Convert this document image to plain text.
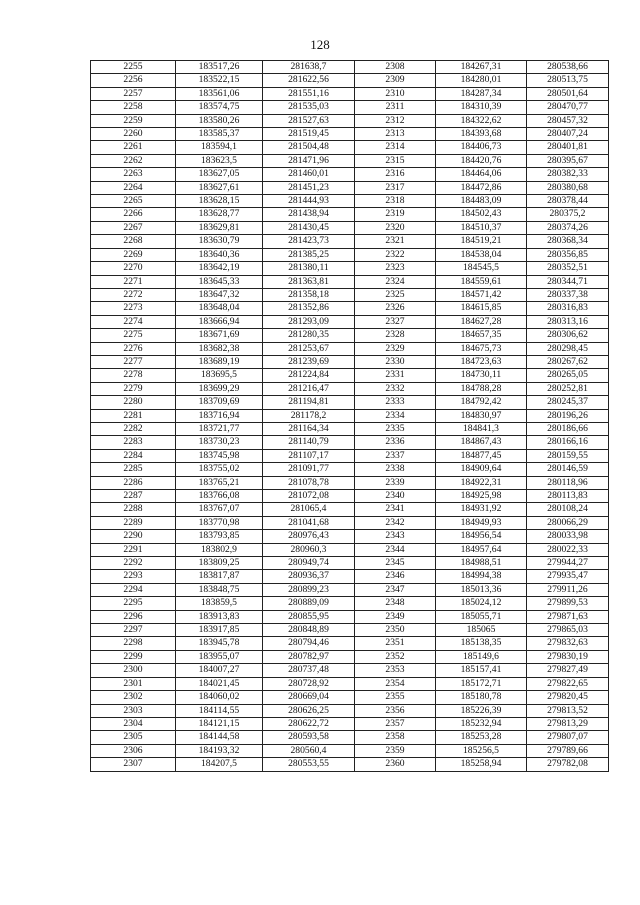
128
2255	183517,26	281638,7	2308	184267,31	280538,66
2256	183522,15	281622,56	2309	184280,01	280513,75
2257	183561,06	281551,16	2310	184287,34	280501,64
2258	183574,75	281535,03	2311	184310,39	280470,77
2259	183580,26	281527,63	2312	184322,62	280457,32
2260	183585,37	281519,45	2313	184393,68	280407,24
2261	183594,1	281504,48	2314	184406,73	280401,81
2262	183623,5	281471,96	2315	184420,76	280395,67
2263	183627,05	281460,01	2316	184464,06	280382,33
2264	183627,61	281451,23	2317	184472,86	280380,68
2265	183628,15	281444,93	2318	184483,09	280378,44
2266	183628,77	281438,94	2319	184502,43	280375,2
2267	183629,81	281430,45	2320	184510,37	280374,26
2268	183630,79	281423,73	2321	184519,21	280368,34
2269	183640,36	281385,25	2322	184538,04	280356,85
2270	183642,19	281380,11	2323	184545,5	280352,51
2271	183645,33	281363,81	2324	184559,61	280344,71
2272	183647,32	281358,18	2325	184571,42	280337,38
2273	183648,04	281352,86	2326	184615,85	280316,83
2274	183666,94	281293,09	2327	184627,28	280313,16
2275	183671,69	281280,35	2328	184657,35	280306,62
2276	183682,38	281253,67	2329	184675,73	280298,45
2277	183689,19	281239,69	2330	184723,63	280267,62
2278	183695,5	281224,84	2331	184730,11	280265,05
2279	183699,29	281216,47	2332	184788,28	280252,81
2280	183709,69	281194,81	2333	184792,42	280245,37
2281	183716,94	281178,2	2334	184830,97	280196,26
2282	183721,77	281164,34	2335	184841,3	280186,66
2283	183730,23	281140,79	2336	184867,43	280166,16
2284	183745,98	281107,17	2337	184877,45	280159,55
2285	183755,02	281091,77	2338	184909,64	280146,59
2286	183765,21	281078,78	2339	184922,31	280118,96
2287	183766,08	281072,08	2340	184925,98	280113,83
2288	183767,07	281065,4	2341	184931,92	280108,24
2289	183770,98	281041,68	2342	184949,93	280066,29
2290	183793,85	280976,43	2343	184956,54	280033,98
2291	183802,9	280960,3	2344	184957,64	280022,33
2292	183809,25	280949,74	2345	184988,51	279944,27
2293	183817,87	280936,37	2346	184994,38	279935,47
2294	183848,75	280899,23	2347	185013,36	279911,26
2295	183859,5	280889,09	2348	185024,12	279899,53
2296	183913,83	280855,95	2349	185055,71	279871,63
2297	183917,85	280848,89	2350	185065	279865,03
2298	183945,78	280794,46	2351	185138,35	279832,63
2299	183955,07	280782,97	2352	185149,6	279830,19
2300	184007,27	280737,48	2353	185157,41	279827,49
2301	184021,45	280728,92	2354	185172,71	279822,65
2302	184060,02	280669,04	2355	185180,78	279820,45
2303	184114,55	280626,25	2356	185226,39	279813,52
2304	184121,15	280622,72	2357	185232,94	279813,29
2305	184144,58	280593,58	2358	185253,28	279807,07
2306	184193,32	280560,4	2359	185256,5	279789,66
2307	184207,5	280553,55	2360	185258,94	279782,08
